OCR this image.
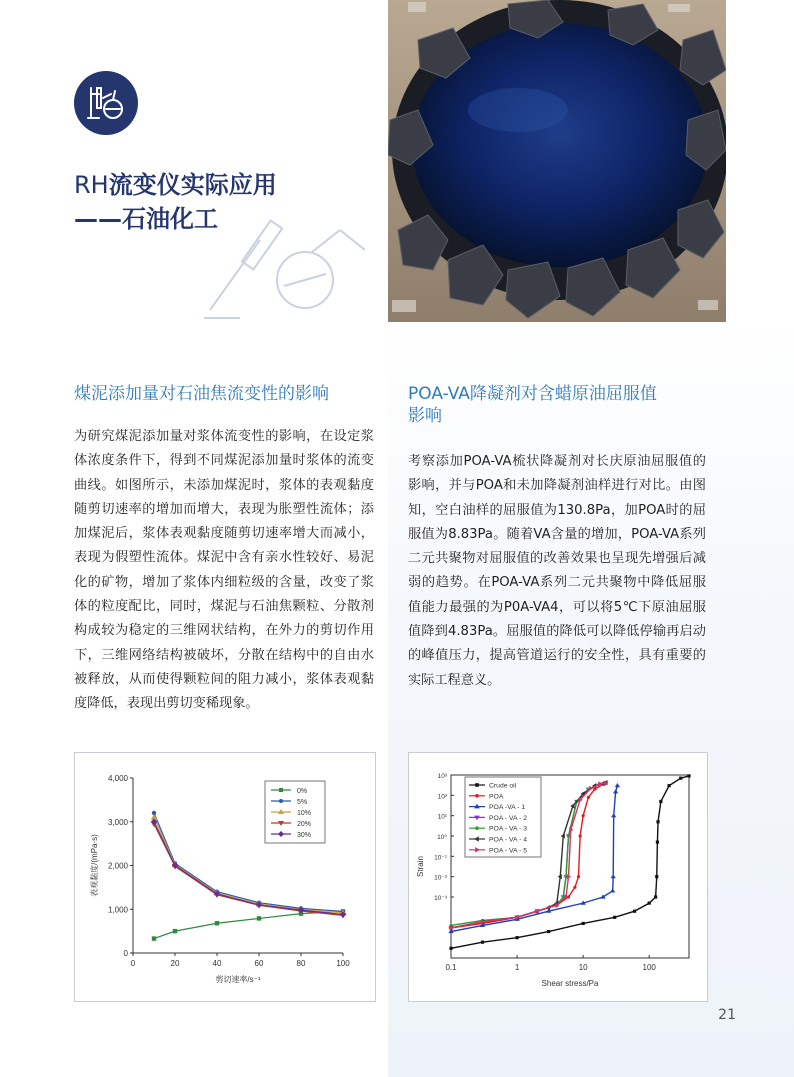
RH流变仪实际应用
——石油化工
煤泥添加量对石油焦流变性的影响
为研究煤泥添加量对浆体流变性的影响，在设定浆体浓度条件下，得到不同煤泥添加量时浆体的流变曲线。如图所示，未添加煤泥时，浆体的表观黏度随剪切速率的增加而增大，表现为胀塑性流体；添加煤泥后，浆体表观黏度随剪切速率增大而减小，表现为假塑性流体。煤泥中含有亲水性较好、易泥化的矿物，增加了浆体内细粒级的含量，改变了浆体的粒度配比，同时，煤泥与石油焦颗粒、分散剂构成较为稳定的三维网状结构，在外力的剪切作用下，三维网络结构被破坏，分散在结构中的自由水被释放，从而使得颗粒间的阻力减小，浆体表观黏度降低，表现出剪切变稀现象。
POA-VA降凝剂对含蜡原油屈服值
影响
考察添加POA-VA梳状降凝剂对长庆原油屈服值的影响，并与POA和未加降凝剂油样进行对比。由图知，空白油样的屈服值为130.8Pa，加POA时的屈服值为8.83Pa。随着VA含量的增加，POA-VA系列二元共聚物对屈服值的改善效果也呈现先增强后减弱的趋势。在POA-VA系列二元共聚物中降低屈服值能力最强的为P0A-VA4，可以将5℃下原油屈服值降到4.83Pa。屈服值的降低可以降低停输再启动的峰值压力，提高管道运行的安全性，具有重要的实际工程意义。
0
1,000
2,000
3,000
4,000
0	20	40	60	80	100
剪切速率/s⁻¹
表观黏度/(mPa·s)
0%
5%
10%
20%
30%
0.1	1	10	100
10³
10²
10¹
10⁰
10⁻¹
10⁻²
10⁻³
Shear stress/Pa
Strain
Crude oil
POA
POA -VA - 1
POA - VA - 2
POA - VA - 3
POA - VA - 4
POA - VA - 5
21
